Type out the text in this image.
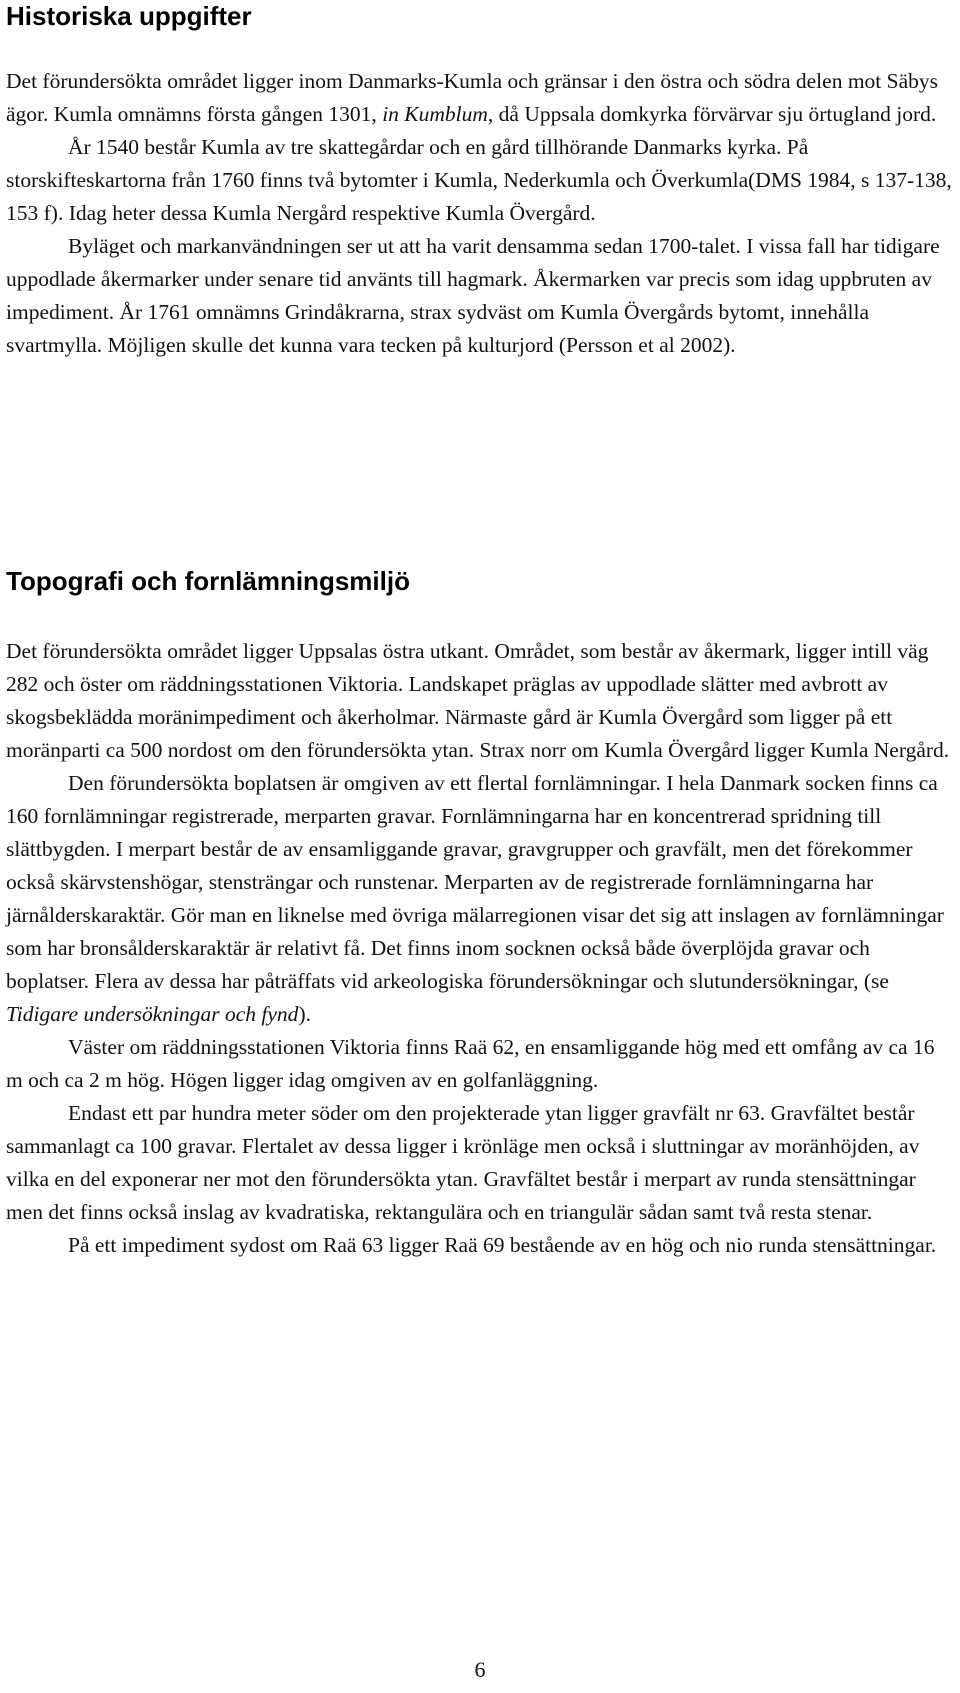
Historiska uppgifter

Det förundersökta området ligger inom Danmarks-Kumla och gränsar i den östra och södra delen mot Säbys ägor. Kumla omnämns första gången 1301, in Kumblum, då Uppsala domkyrka förvärvar sju örtugland jord.

År 1540 består Kumla av tre skattegårdar och en gård tillhörande Danmarks kyrka. På storskifteskartorna från 1760 finns två bytomter i Kumla, Nederkumla och Överkumla(DMS 1984, s 137-138, 153 f). Idag heter dessa Kumla Nergård respektive Kumla Övergård.

Byläget och markanvändningen ser ut att ha varit densamma sedan 1700-talet. I vissa fall har tidigare uppodlade åkermarker under senare tid använts till hagmark. Åkermarken var precis som idag uppbruten av impediment. År 1761 omnämns Grindåkrarna, strax sydväst om Kumla Övergårds bytomt, innehålla svartmylla. Möjligen skulle det kunna vara tecken på kulturjord (Persson et al 2002).

Topografi och fornlämningsmiljö

Det förundersökta området ligger Uppsalas östra utkant. Området, som består av åkermark, ligger intill väg 282 och öster om räddningsstationen Viktoria. Landskapet präglas av uppodlade slätter med avbrott av skogsbeklädda moränimpediment och åkerholmar. Närmaste gård är Kumla Övergård som ligger på ett moränparti ca 500 nordost om den förundersökta ytan. Strax norr om Kumla Övergård ligger Kumla Nergård.

Den förundersökta boplatsen är omgiven av ett flertal fornlämningar. I hela Danmark socken finns ca 160 fornlämningar registrerade, merparten gravar. Fornlämningarna har en koncentrerad spridning till slättbygden. I merpart består de av ensamliggande gravar, gravgrupper och gravfält, men det förekommer också skärvstenshögar, stensträngar och runstenar. Merparten av de registrerade fornlämningarna har järnålderskaraktär. Gör man en liknelse med övriga mälarregionen visar det sig att inslagen av fornlämningar som har bronsålderskaraktär är relativt få. Det finns inom socknen också både överplöjda gravar och boplatser. Flera av dessa har påträffats vid arkeologiska förundersökningar och slutundersökningar, (se Tidigare undersökningar och fynd).

Väster om räddningsstationen Viktoria finns Raä 62, en ensamliggande hög med ett omfång av ca 16 m och ca 2 m hög. Högen ligger idag omgiven av en golfanläggning.

Endast ett par hundra meter söder om den projekterade ytan ligger gravfält nr 63. Gravfältet består sammanlagt ca 100 gravar. Flertalet av dessa ligger i krönläge men också i sluttningar av moränhöjden, av vilka en del exponerar ner mot den förundersökta ytan. Gravfältet består i merpart av runda stensättningar men det finns också inslag av kvadratiska, rektangulära och en triangulär sådan samt två resta stenar.

På ett impediment sydost om Raä 63 ligger Raä 69 bestående av en hög och nio runda stensättningar.

6
